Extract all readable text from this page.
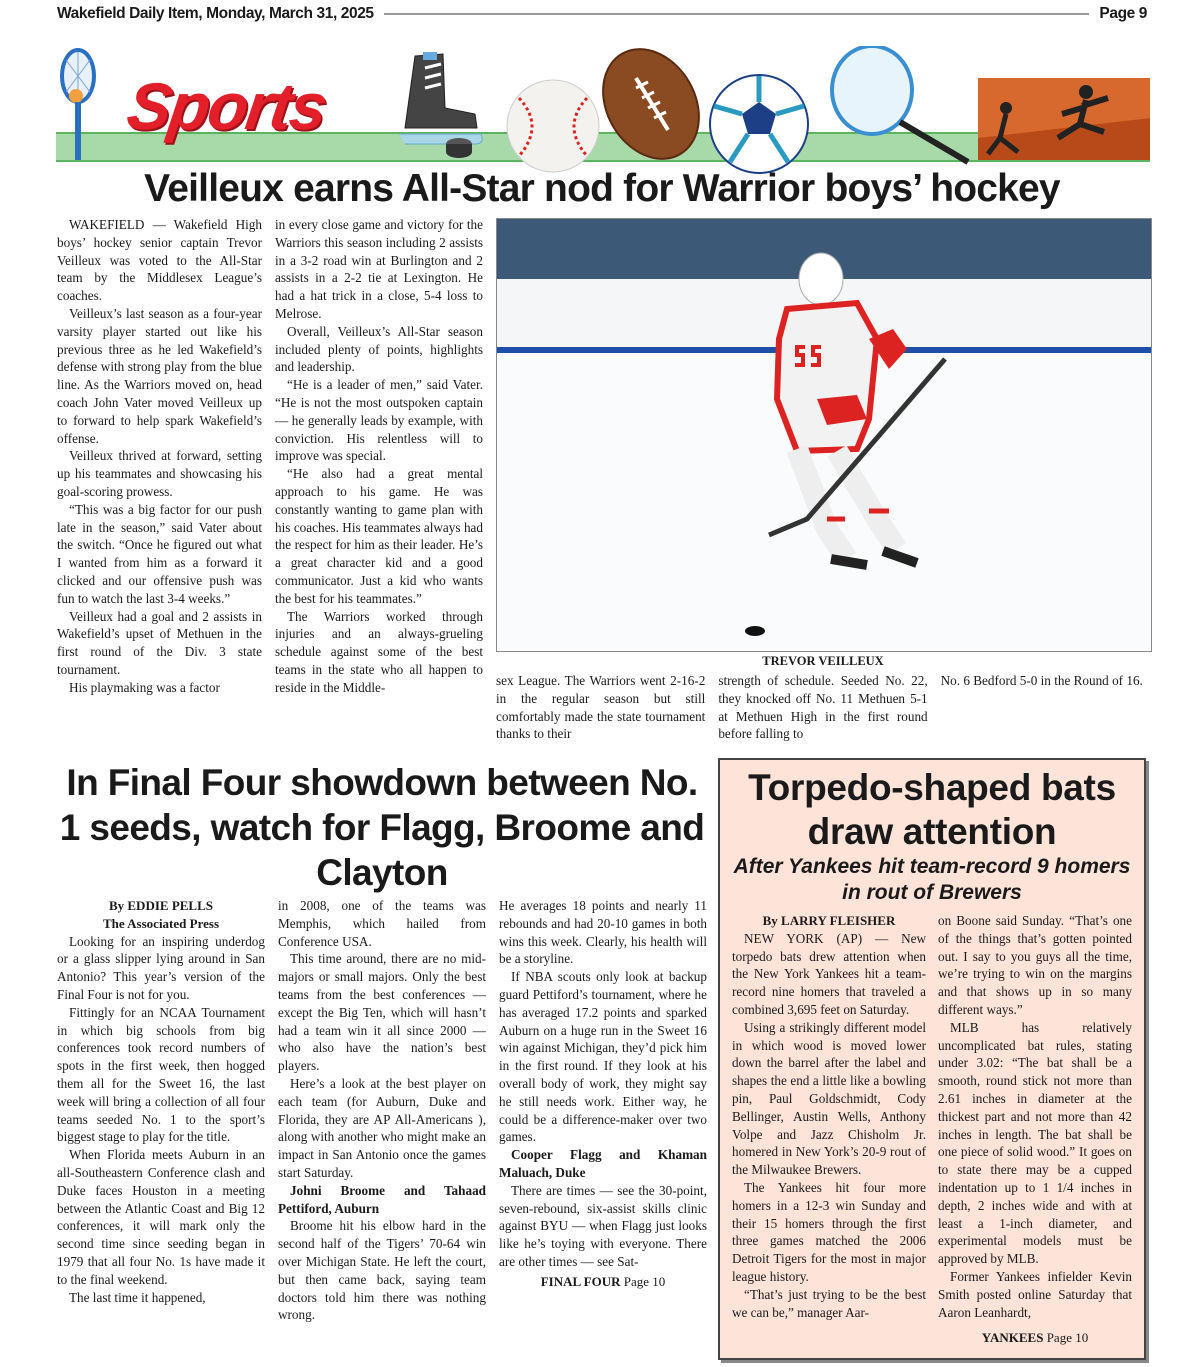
Wakefield Daily Item, Monday, March 31, 2025	Page 9
Sports
Veilleux earns All-Star nod for Warrior boys’ hockey

WAKEFIELD — Wakefield High boys’ hockey senior captain Trevor Veilleux was voted to the All-Star team by the Middlesex League’s coaches.

Veilleux’s last season as a four-year varsity player started out like his previous three as he led Wakefield’s defense with strong play from the blue line. As the Warriors moved on, head coach John Vater moved Veilleux up to forward to help spark Wakefield’s offense.

Veilleux thrived at forward, setting up his teammates and showcasing his goal-scoring prowess.

“This was a big factor for our push late in the season,” said Vater about the switch. “Once he figured out what I wanted from him as a forward it clicked and our offensive push was fun to watch the last 3-4 weeks.”

Veilleux had a goal and 2 assists in Wakefield’s upset of Methuen in the first round of the Div. 3 state tournament.

His playmaking was a factor

in every close game and victory for the Warriors this season including 2 assists in a 3-2 road win at Burlington and 2 assists in a 2-2 tie at Lexington. He had a hat trick in a close, 5-4 loss to Melrose.

Overall, Veilleux’s All-Star season included plenty of points, highlights and leadership.

“He is a leader of men,” said Vater. “He is not the most outspoken captain — he generally leads by example, with conviction. His relentless will to improve was special.

“He also had a great mental approach to his game. He was constantly wanting to game plan with his coaches. His teammates always had the respect for him as their leader. He’s a great character kid and a good communicator. Just a kid who wants the best for his teammates.”

The Warriors worked through injuries and an always-grueling schedule against some of the best teams in the state who all happen to reside in the Middle-

TREVOR VEILLEUX

sex League. The Warriors went 2-16-2 in the regular season but still comfortably made the state tournament thanks to their

strength of schedule. Seeded No. 22, they knocked off No. 11 Methuen 5-1 at Methuen High in the first round before falling to

No. 6 Bedford 5-0 in the Round of 16.

In Final Four showdown between No. 1 seeds, watch for Flagg, Broome and Clayton
By EDDIE PELLS
The Associated Press

Looking for an inspiring underdog or a glass slipper lying around in San Antonio? This year’s version of the Final Four is not for you.

Fittingly for an NCAA Tournament in which big schools from big conferences took record numbers of spots in the first week, then hogged them all for the Sweet 16, the last week will bring a collection of all four teams seeded No. 1 to the sport’s biggest stage to play for the title.

When Florida meets Auburn in an all-Southeastern Conference clash and Duke faces Houston in a meeting between the Atlantic Coast and Big 12 conferences, it will mark only the second time since seeding began in 1979 that all four No. 1s have made it to the final weekend.

The last time it happened,

in 2008, one of the teams was Memphis, which hailed from Conference USA.

This time around, there are no mid-majors or small majors. Only the best teams from the best conferences — except the Big Ten, which will hasn’t had a team win it all since 2000 — who also have the nation’s best players.

Here’s a look at the best player on each team (for Auburn, Duke and Florida, they are AP All-Americans ), along with another who might make an impact in San Antonio once the games start Saturday.

Johni Broome and Tahaad Pettiford, Auburn

Broome hit his elbow hard in the second half of the Tigers’ 70-64 win over Michigan State. He left the court, but then came back, saying team doctors told him there was nothing wrong.

He averages 18 points and nearly 11 rebounds and had 20-10 games in both wins this week. Clearly, his health will be a storyline.

If NBA scouts only look at backup guard Pettiford’s tournament, where he has averaged 17.2 points and sparked Auburn on a huge run in the Sweet 16 win against Michigan, they’d pick him in the first round. If they look at his overall body of work, they might say he still needs work. Either way, he could be a difference-maker over two games.

Cooper Flagg and Khaman Maluach, Duke

There are times — see the 30-point, seven-rebound, six-assist skills clinic against BYU — when Flagg just looks like he’s toying with everyone. There are other times — see Sat-

FINAL FOUR Page 10
Torpedo-shaped bats draw attention
After Yankees hit team-record 9 homers in rout of Brewers
By LARRY FLEISHER

NEW YORK (AP) — New torpedo bats drew attention when the New York Yankees hit a team-record nine homers that traveled a combined 3,695 feet on Saturday.

Using a strikingly different model in which wood is moved lower down the barrel after the label and shapes the end a little like a bowling pin, Paul Goldschmidt, Cody Bellinger, Austin Wells, Anthony Volpe and Jazz Chisholm Jr. homered in New York’s 20-9 rout of the Milwaukee Brewers.

The Yankees hit four more homers in a 12-3 win Sunday and their 15 homers through the first three games matched the 2006 Detroit Tigers for the most in major league history.

“That’s just trying to be the best we can be,” manager Aar-

on Boone said Sunday. “That’s one of the things that’s gotten pointed out. I say to you guys all the time, we’re trying to win on the margins and that shows up in so many different ways.”

MLB has relatively uncomplicated bat rules, stating under 3.02: “The bat shall be a smooth, round stick not more than 2.61 inches in diameter at the thickest part and not more than 42 inches in length. The bat shall be one piece of solid wood.” It goes on to state there may be a cupped indentation up to 1 1/4 inches in depth, 2 inches wide and with at least a 1-inch diameter, and experimental models must be approved by MLB.

Former Yankees infielder Kevin Smith posted online Saturday that Aaron Leanhardt,

YANKEES Page 10
